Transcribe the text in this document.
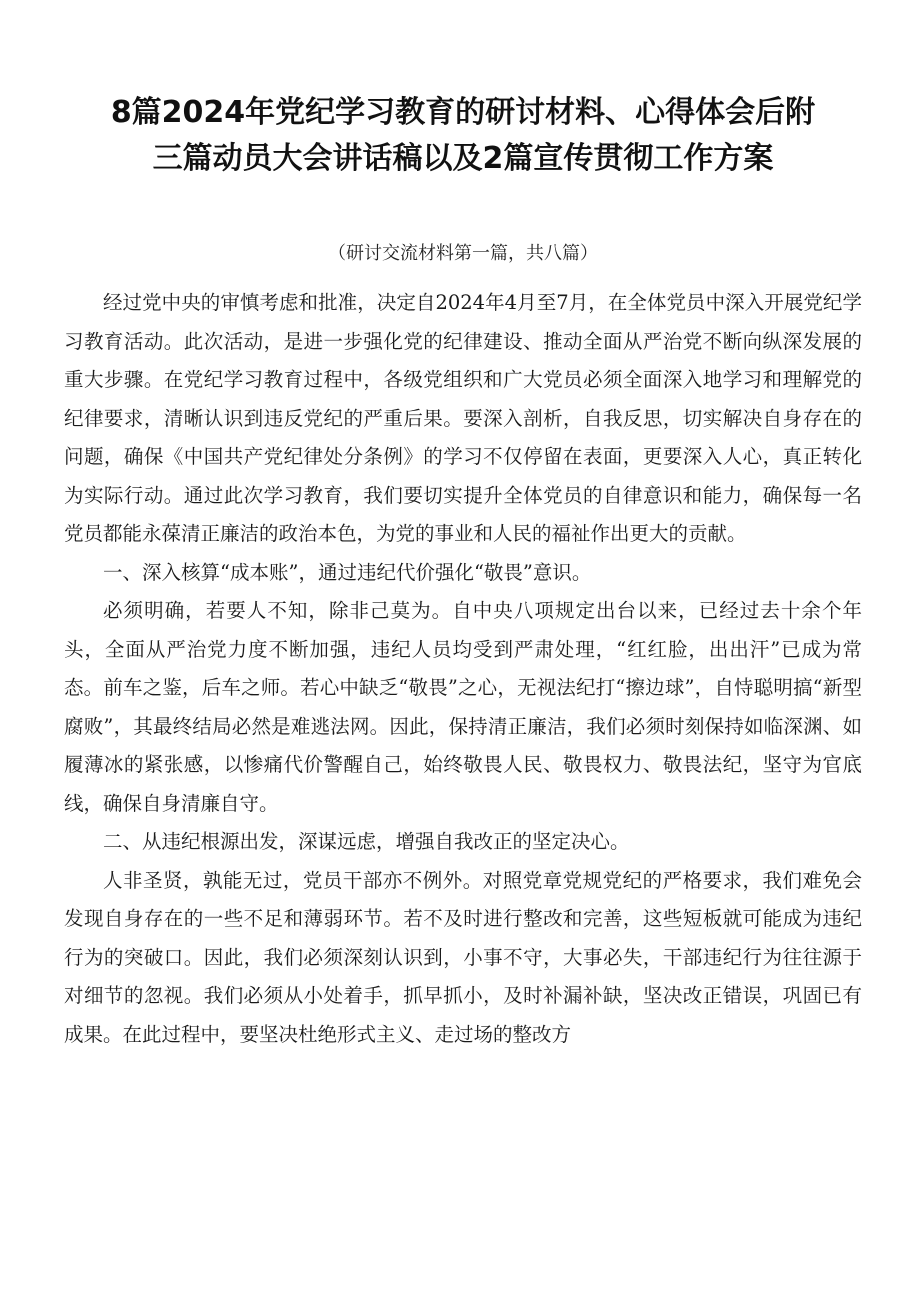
8篇2024年党纪学习教育的研讨材料、心得体会后附
三篇动员大会讲话稿以及2篇宣传贯彻工作方案

（研讨交流材料第一篇，共八篇）

经过党中央的审慎考虑和批准，决定自2024年4月至7月，在全体党员中深入开展党纪学习教育活动。此次活动，是进一步强化党的纪律建设、推动全面从严治党不断向纵深发展的重大步骤。在党纪学习教育过程中，各级党组织和广大党员必须全面深入地学习和理解党的纪律要求，清晰认识到违反党纪的严重后果。要深入剖析，自我反思，切实解决自身存在的问题，确保《中国共产党纪律处分条例》的学习不仅停留在表面，更要深入人心，真正转化为实际行动。通过此次学习教育，我们要切实提升全体党员的自律意识和能力，确保每一名党员都能永葆清正廉洁的政治本色，为党的事业和人民的福祉作出更大的贡献。

一、深入核算“成本账”，通过违纪代价强化“敬畏”意识。

必须明确，若要人不知，除非己莫为。自中央八项规定出台以来，已经过去十余个年头，全面从严治党力度不断加强，违纪人员均受到严肃处理，“红红脸，出出汗”已成为常态。前车之鉴，后车之师。若心中缺乏“敬畏”之心，无视法纪打“擦边球”，自恃聪明搞“新型腐败”，其最终结局必然是难逃法网。因此，保持清正廉洁，我们必须时刻保持如临深渊、如履薄冰的紧张感，以惨痛代价警醒自己，始终敬畏人民、敬畏权力、敬畏法纪，坚守为官底线，确保自身清廉自守。

二、从违纪根源出发，深谋远虑，增强自我改正的坚定决心。

人非圣贤，孰能无过，党员干部亦不例外。对照党章党规党纪的严格要求，我们难免会发现自身存在的一些不足和薄弱环节。若不及时进行整改和完善，这些短板就可能成为违纪行为的突破口。因此，我们必须深刻认识到，小事不守，大事必失，干部违纪行为往往源于对细节的忽视。我们必须从小处着手，抓早抓小，及时补漏补缺，坚决改正错误，巩固已有成果。在此过程中，要坚决杜绝形式主义、走过场的整改方
